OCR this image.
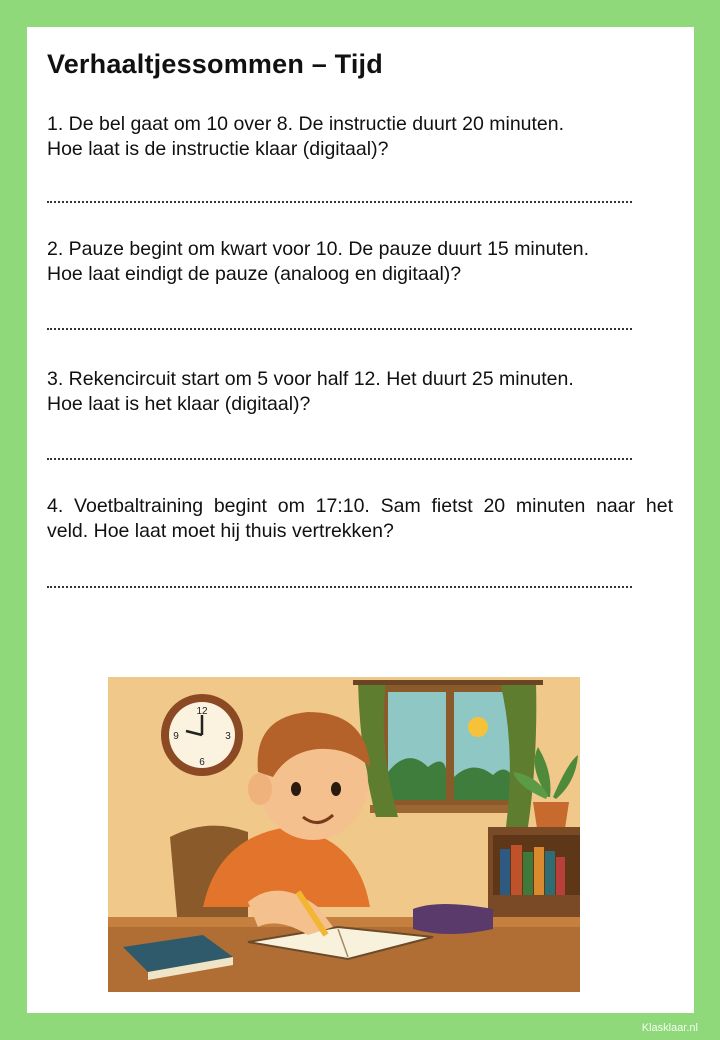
Verhaaltjessommen – Tijd
1. De bel gaat om 10 over 8. De instructie duurt 20 minuten.
Hoe laat is de instructie klaar (digitaal)?
2. Pauze begint om kwart voor 10. De pauze duurt 15 minuten.
Hoe laat eindigt de pauze (analoog en digitaal)?
3. Rekencircuit start om 5 voor half 12. Het duurt 25 minuten.
Hoe laat is het klaar (digitaal)?
4. Voetbaltraining begint om 17:10. Sam fietst 20 minuten naar het
veld. Hoe laat moet hij thuis vertrekken?
12
3
6
9
Klasklaar.nl
